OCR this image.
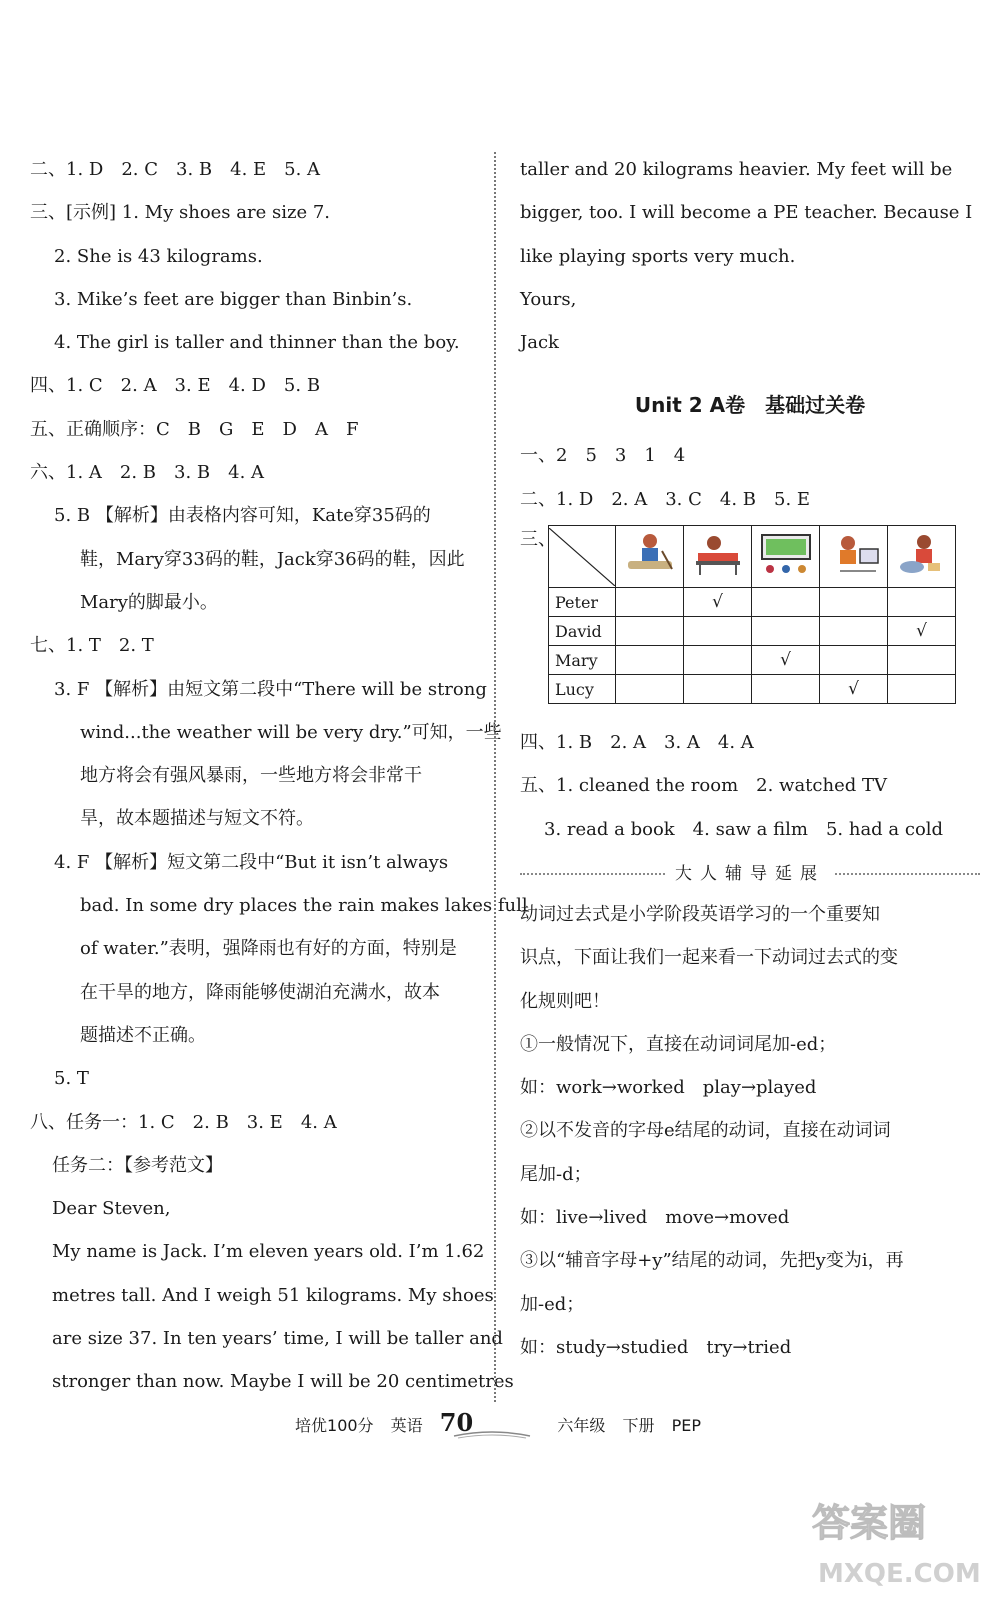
二、1. D　2. C　3. B　4. E　5. A
三、[示例] 1. My shoes are size 7.
2. She is 43 kilograms.
3. Mike’s feet are bigger than Binbin’s.
4. The girl is taller and thinner than the boy.
四、1. C　2. A　3. E　4. D　5. B
五、正确顺序：C　B　G　E　D　A　F
六、1. A　2. B　3. B　4. A
5. B 【解析】由表格内容可知，Kate穿35码的
鞋，Mary穿33码的鞋，Jack穿36码的鞋，因此
Mary的脚最小。
七、1. T　2. T
3. F 【解析】由短文第二段中“There will be strong
wind...the weather will be very dry.”可知，一些
地方将会有强风暴雨，一些地方将会非常干
旱，故本题描述与短文不符。
4. F 【解析】短文第二段中“But it isn’t always
bad. In some dry places the rain makes lakes full
of water.”表明，强降雨也有好的方面，特别是
在干旱的地方，降雨能够使湖泊充满水，故本
题描述不正确。
5. T
八、任务一：1. C　2. B　3. E　4. A
任务二：【参考范文】
Dear Steven,
My name is Jack. I’m eleven years old. I’m 1.62
metres tall. And I weigh 51 kilograms. My shoes
are size 37. In ten years’ time, I will be taller and
stronger than now. Maybe I will be 20 centimetres
taller and 20 kilograms heavier. My feet will be
bigger, too. I will become a PE teacher. Because I
like playing sports very much.
Yours,
Jack
Unit 2 A卷　基础过关卷
一、2　5　3　1　4
二、1. D　2. A　3. C　4. B　5. E
三、

Peter		√			
David					√
Mary			√		
Lucy				√	
四、1. B　2. A　3. A　4. A
五、1. cleaned the room　2. watched TV
3. read a book　4. saw a film　5. had a cold
大人辅导延展
动词过去式是小学阶段英语学习的一个重要知
识点，下面让我们一起来看一下动词过去式的变
化规则吧！
①一般情况下，直接在动词词尾加-ed；
如：work→worked　play→played
②以不发音的字母e结尾的动词，直接在动词词
尾加-d；
如：live→lived　move→moved
③以“辅音字母+y”结尾的动词，先把y变为i，再
加-ed；
如：study→studied　try→tried
培优100分 英语 70	六年级 下册 PEP
答案圈
MXQE.COM
